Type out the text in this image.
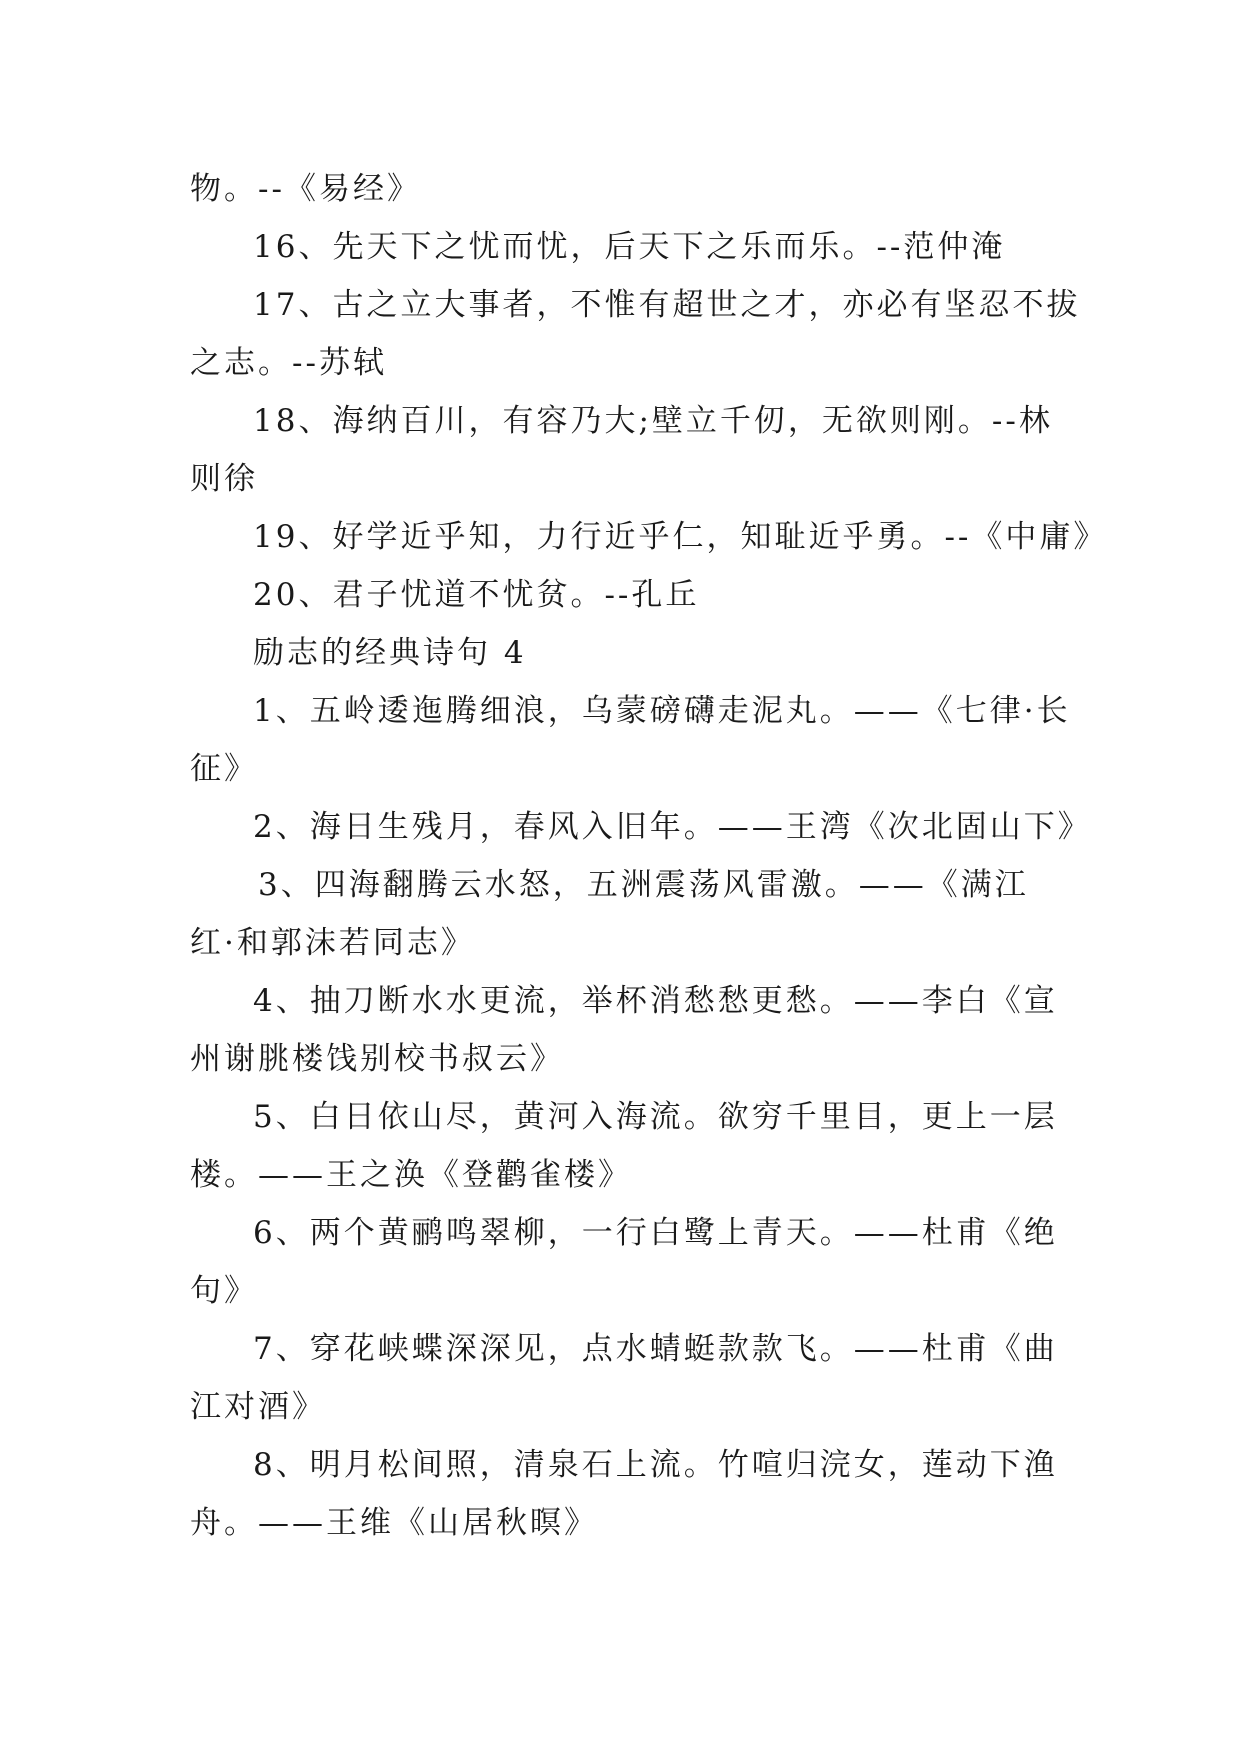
物。--《易经》
16、先天下之忧而忧，后天下之乐而乐。--范仲淹
17、古之立大事者，不惟有超世之才，亦必有坚忍不拔
之志。--苏轼
18、海纳百川，有容乃大;壁立千仞，无欲则刚。--林
则徐
19、好学近乎知，力行近乎仁，知耻近乎勇。--《中庸》
20、君子忧道不忧贫。--孔丘
励志的经典诗句 4
1、五岭逶迤腾细浪，乌蒙磅礴走泥丸。——《七律·长
征》
2、海日生残月，春风入旧年。——王湾《次北固山下》
3、四海翻腾云水怒，五洲震荡风雷激。——《满江
红·和郭沫若同志》
4、抽刀断水水更流，举杯消愁愁更愁。——李白《宣
州谢朓楼饯别校书叔云》
5、白日依山尽，黄河入海流。欲穷千里目，更上一层
楼。——王之涣《登鹳雀楼》
6、两个黄鹂鸣翠柳，一行白鹭上青天。——杜甫《绝
句》
7、穿花峡蝶深深见，点水蜻蜓款款飞。——杜甫《曲
江对酒》
8、明月松间照，清泉石上流。竹喧归浣女，莲动下渔
舟。——王维《山居秋暝》
